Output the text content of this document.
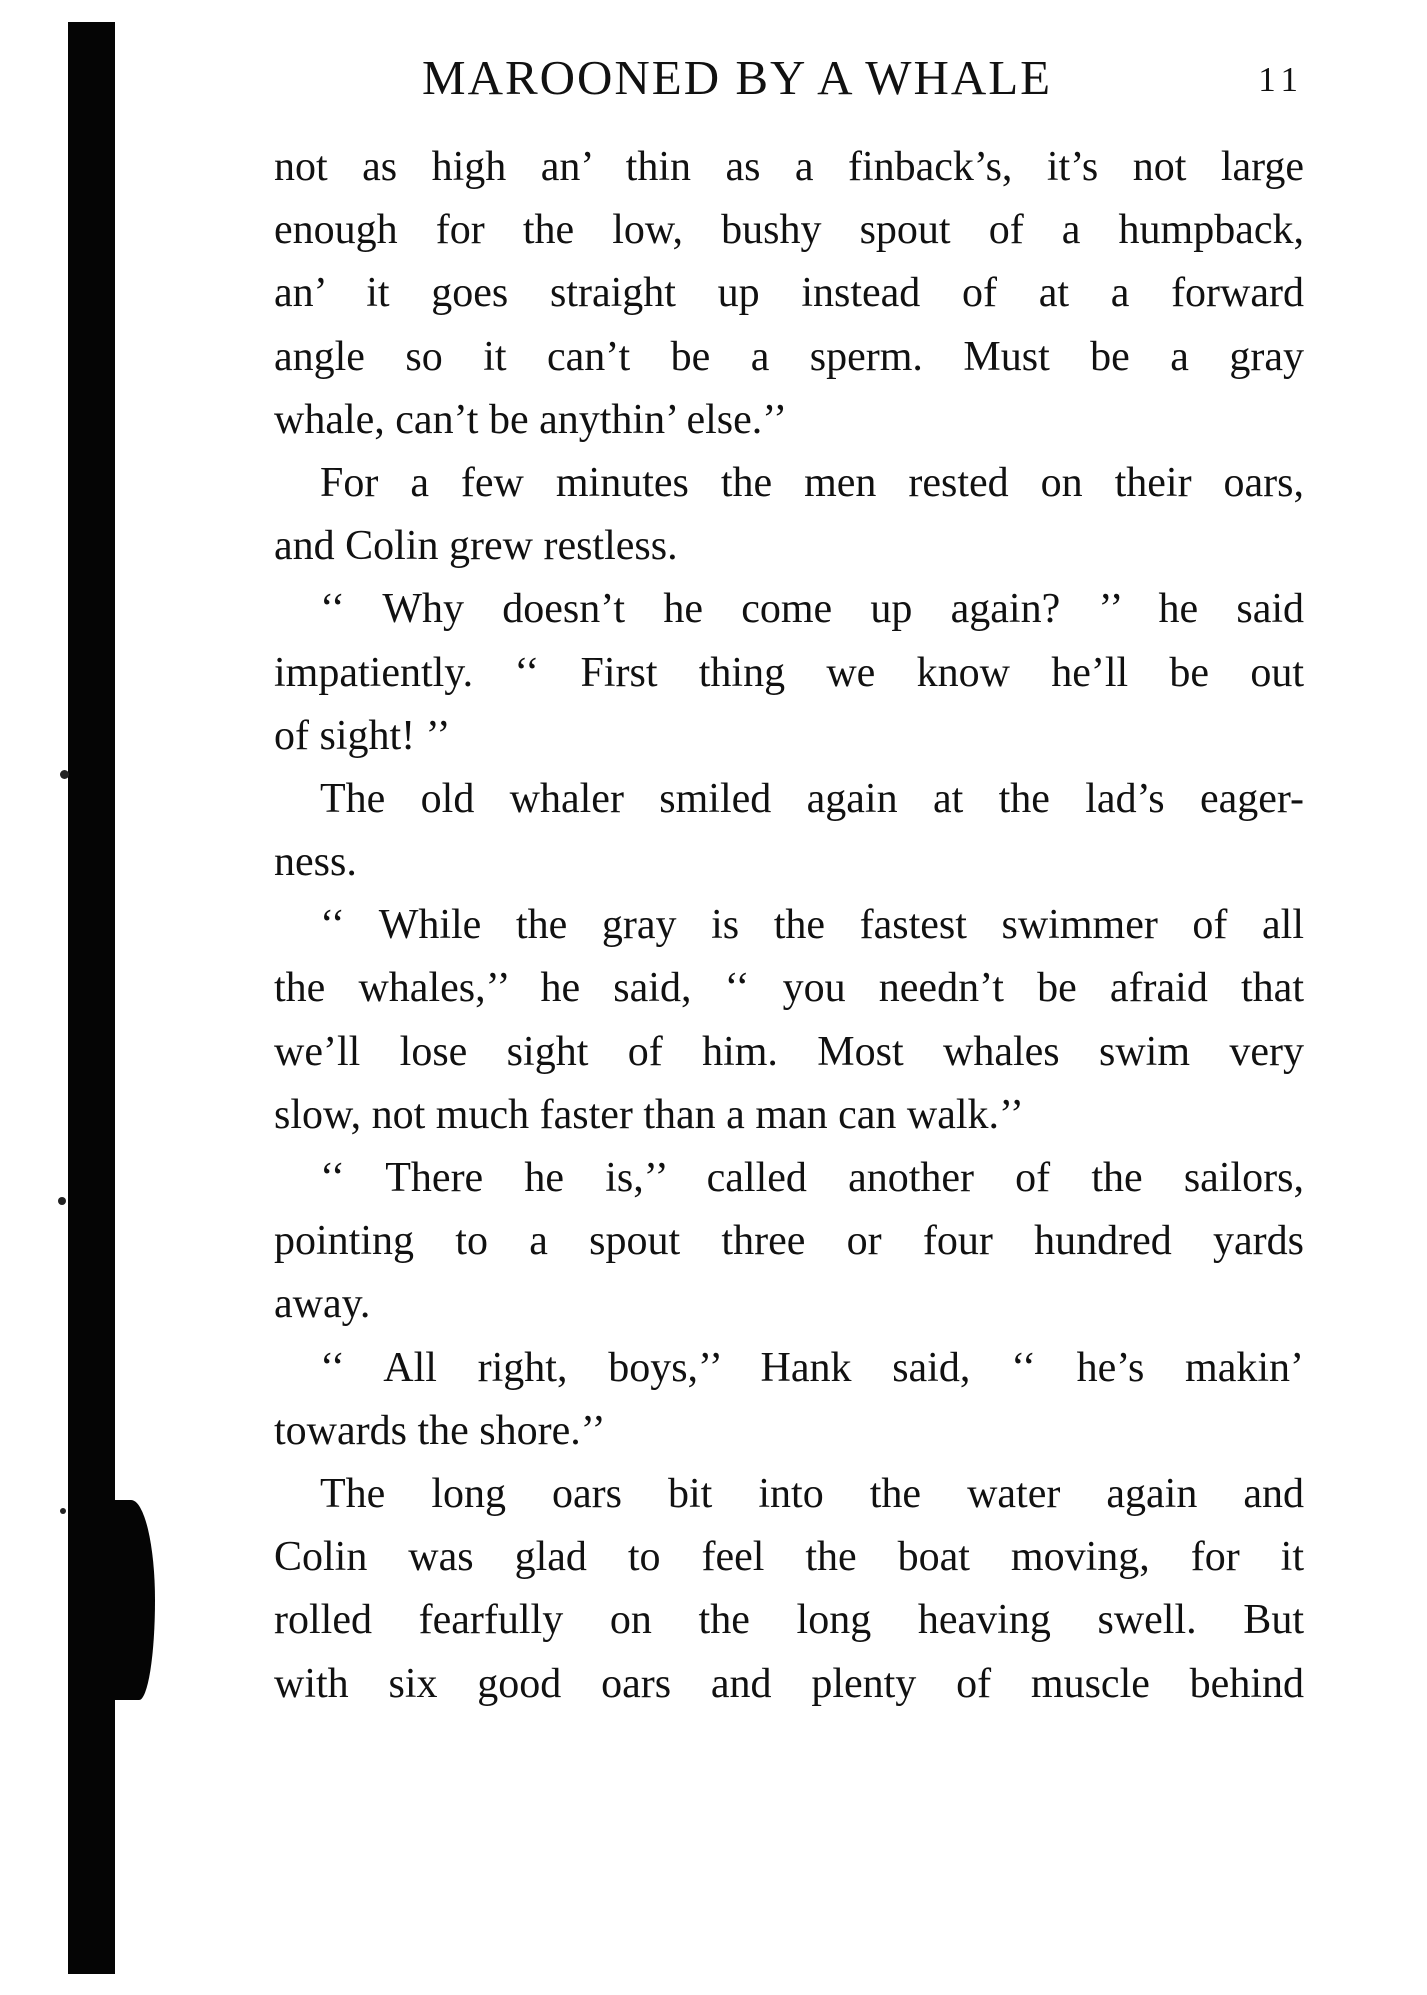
MAROONED BY A WHALE	11
not as high an’ thin as a finback’s, it’s not large
enough for the low, bushy spout of a humpback,
an’ it goes straight up instead of at a forward
angle so it can’t be a sperm. Must be a gray
whale, can’t be anythin’ else.’’
For a few minutes the men rested on their oars,
and Colin grew restless.
‘‘ Why doesn’t he come up again? ’’ he said
impatiently. ‘‘ First thing we know he’ll be out
of sight! ’’
The old whaler smiled again at the lad’s eager-
ness.
‘‘ While the gray is the fastest swimmer of all
the whales,’’ he said, ‘‘ you needn’t be afraid that
we’ll lose sight of him. Most whales swim very
slow, not much faster than a man can walk.’’
‘‘ There he is,’’ called another of the sailors,
pointing to a spout three or four hundred yards
away.
‘‘ All right, boys,’’ Hank said, ‘‘ he’s makin’
towards the shore.’’
The long oars bit into the water again and
Colin was glad to feel the boat moving, for it
rolled fearfully on the long heaving swell. But
with six good oars and plenty of muscle behind
